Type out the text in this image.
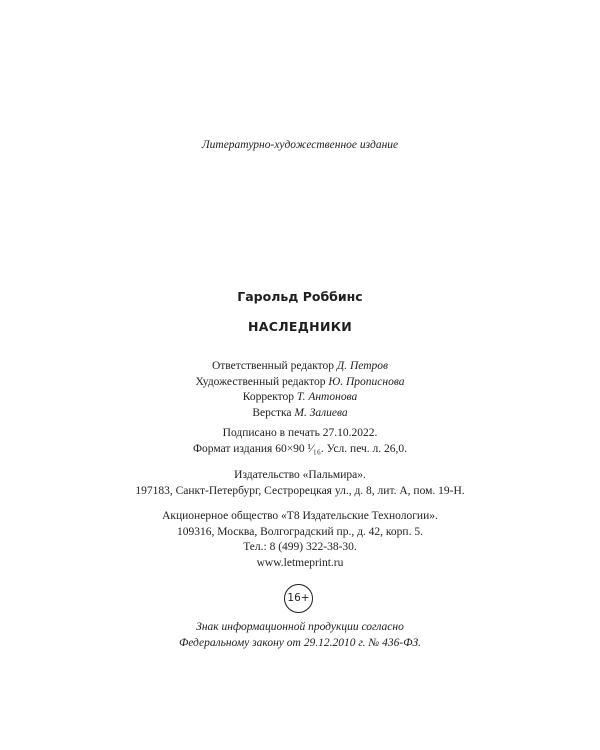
Литературно-художественное издание
Гарольд Роббинс
НАСЛЕДНИКИ
Ответственный редактор Д. Петров
Художественный редактор Ю. Прописнова
Корректор Т. Антонова
Верстка М. Залиева
Подписано в печать 27.10.2022.
Формат издания 60×90 ¹⁄₁₆. Усл. печ. л. 26,0.
Издательство «Пальмира».
197183, Санкт-Петербург, Сестрорецкая ул., д. 8, лит. А, пом. 19-Н.
Акционерное общество «Т8 Издательские Технологии».
109316, Москва, Волгоградский пр., д. 42, корп. 5.
Тел.: 8 (499) 322-38-30.
www.letmeprint.ru
16+
Знак информационной продукции согласно
Федеральному закону от 29.12.2010 г. № 436-ФЗ.
